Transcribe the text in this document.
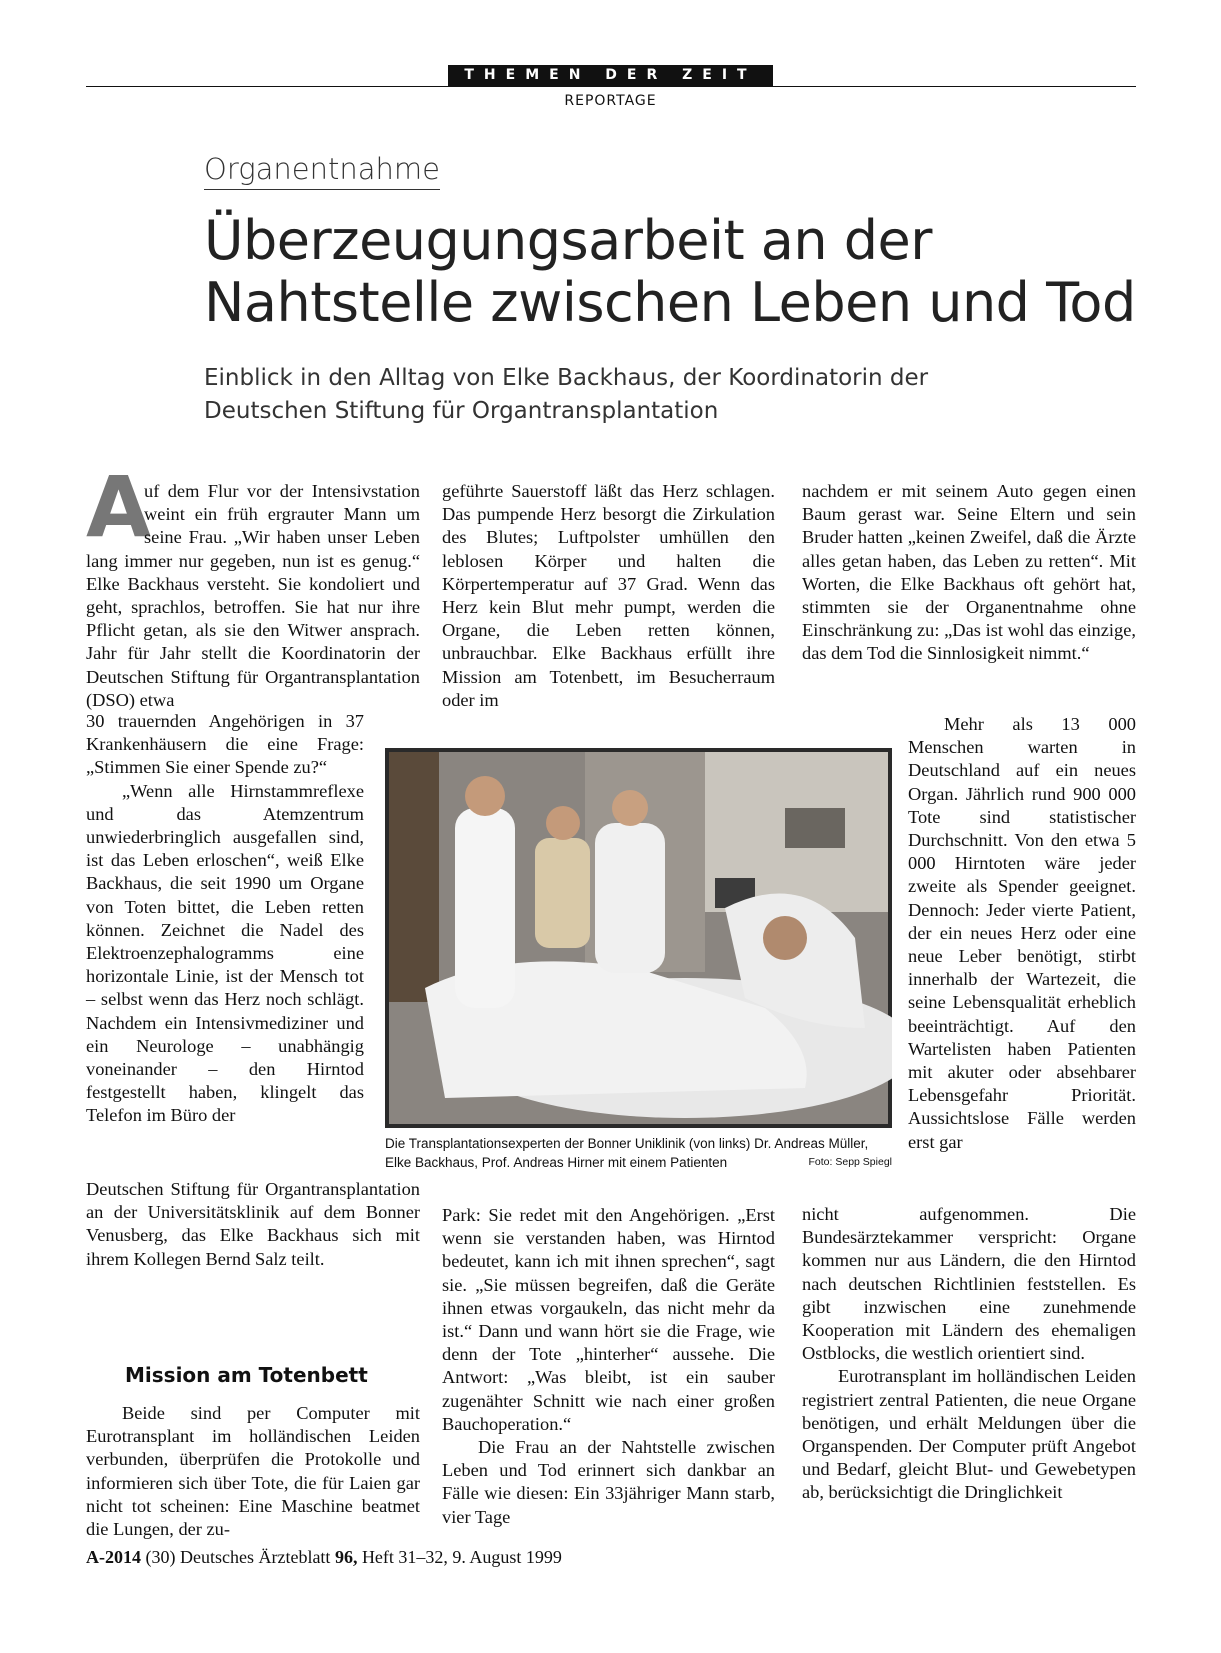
THEMEN DER ZEIT
REPORTAGE
Organentnahme
Überzeugungsarbeit an der
Nahtstelle zwischen Leben und Tod
Einblick in den Alltag von Elke Backhaus, der Koordinatorin der
Deutschen Stiftung für Organtransplantation
A

uf dem Flur vor der Intensivstation weint ein früh ergrauter Mann um seine Frau. „Wir haben unser Leben lang immer nur gegeben, nun ist es genug.“ Elke Backhaus versteht. Sie kondoliert und geht, sprachlos, betroffen. Sie hat nur ihre Pflicht getan, als sie den Witwer ansprach. Jahr für Jahr stellt die Koordinatorin der Deutschen Stiftung für Organtransplantation (DSO) etwa

30 trauernden Angehörigen in 37 Krankenhäusern die eine Frage: „Stimmen Sie einer Spende zu?“

„Wenn alle Hirnstammreflexe und das Atemzentrum unwiederbringlich ausgefallen sind, ist das Leben erloschen“, weiß Elke Backhaus, die seit 1990 um Organe von Toten bittet, die Leben retten können. Zeichnet die Nadel des Elektroenzephalogramms eine horizontale Linie, ist der Mensch tot – selbst wenn das Herz noch schlägt. Nachdem ein Intensivmediziner und ein Neurologe – unabhängig voneinander – den Hirntod festgestellt haben, klingelt das Telefon im Büro der

Deutschen Stiftung für Organtransplantation an der Universitätsklinik auf dem Bonner Venusberg, das Elke Backhaus sich mit ihrem Kollegen Bernd Salz teilt.

Mission am Totenbett

Beide sind per Computer mit Eurotransplant im holländischen Leiden verbunden, überprüfen die Protokolle und informieren sich über Tote, die für Laien gar nicht tot scheinen: Eine Maschine beatmet die Lungen, der zu-

geführte Sauerstoff läßt das Herz schlagen. Das pumpende Herz besorgt die Zirkulation des Blutes; Luftpolster umhüllen den leblosen Körper und halten die Körpertemperatur auf 37 Grad. Wenn das Herz kein Blut mehr pumpt, werden die Organe, die Leben retten können, unbrauchbar. Elke Backhaus erfüllt ihre Mission am Totenbett, im Besucherraum oder im

Die Transplantationsexperten der Bonner Uniklinik (von links) Dr. Andreas Müller, Elke Backhaus, Prof. Andreas Hirner mit einem Patienten	Foto: Sepp Spiegl

Park: Sie redet mit den Angehörigen. „Erst wenn sie verstanden haben, was Hirntod bedeutet, kann ich mit ihnen sprechen“, sagt sie. „Sie müssen begreifen, daß die Geräte ihnen etwas vorgaukeln, das nicht mehr da ist.“ Dann und wann hört sie die Frage, wie denn der Tote „hinterher“ aussehe. Die Antwort: „Was bleibt, ist ein sauber zugenähter Schnitt wie nach einer großen Bauchoperation.“

Die Frau an der Nahtstelle zwischen Leben und Tod erinnert sich dankbar an Fälle wie diesen: Ein 33jähriger Mann starb, vier Tage

nachdem er mit seinem Auto gegen einen Baum gerast war. Seine Eltern und sein Bruder hatten „keinen Zweifel, daß die Ärzte alles getan haben, das Leben zu retten“. Mit Worten, die Elke Backhaus oft gehört hat, stimmten sie der Organentnahme ohne Einschränkung zu: „Das ist wohl das einzige, das dem Tod die Sinnlosigkeit nimmt.“

Mehr als 13 000 Menschen warten in Deutschland auf ein neues Organ. Jährlich rund 900 000 Tote sind statistischer Durchschnitt. Von den etwa 5 000 Hirntoten wäre jeder zweite als Spender geeignet. Dennoch: Jeder vierte Patient, der ein neues Herz oder eine neue Leber benötigt, stirbt innerhalb der Wartezeit, die seine Lebensqualität erheblich beeinträchtigt. Auf den Wartelisten haben Patienten mit akuter oder absehbarer Lebensgefahr Priorität. Aussichtslose Fälle werden erst gar

nicht aufgenommen. Die Bundesärztekammer verspricht: Organe kommen nur aus Ländern, die den Hirntod nach deutschen Richtlinien feststellen. Es gibt inzwischen eine zunehmende Kooperation mit Ländern des ehemaligen Ostblocks, die westlich orientiert sind.

Eurotransplant im holländischen Leiden registriert zentral Patienten, die neue Organe benötigen, und erhält Meldungen über die Organspenden. Der Computer prüft Angebot und Bedarf, gleicht Blut- und Gewebetypen ab, berücksichtigt die Dringlichkeit

A-2014 (30) Deutsches Ärzteblatt 96, Heft 31–32, 9. August 1999
